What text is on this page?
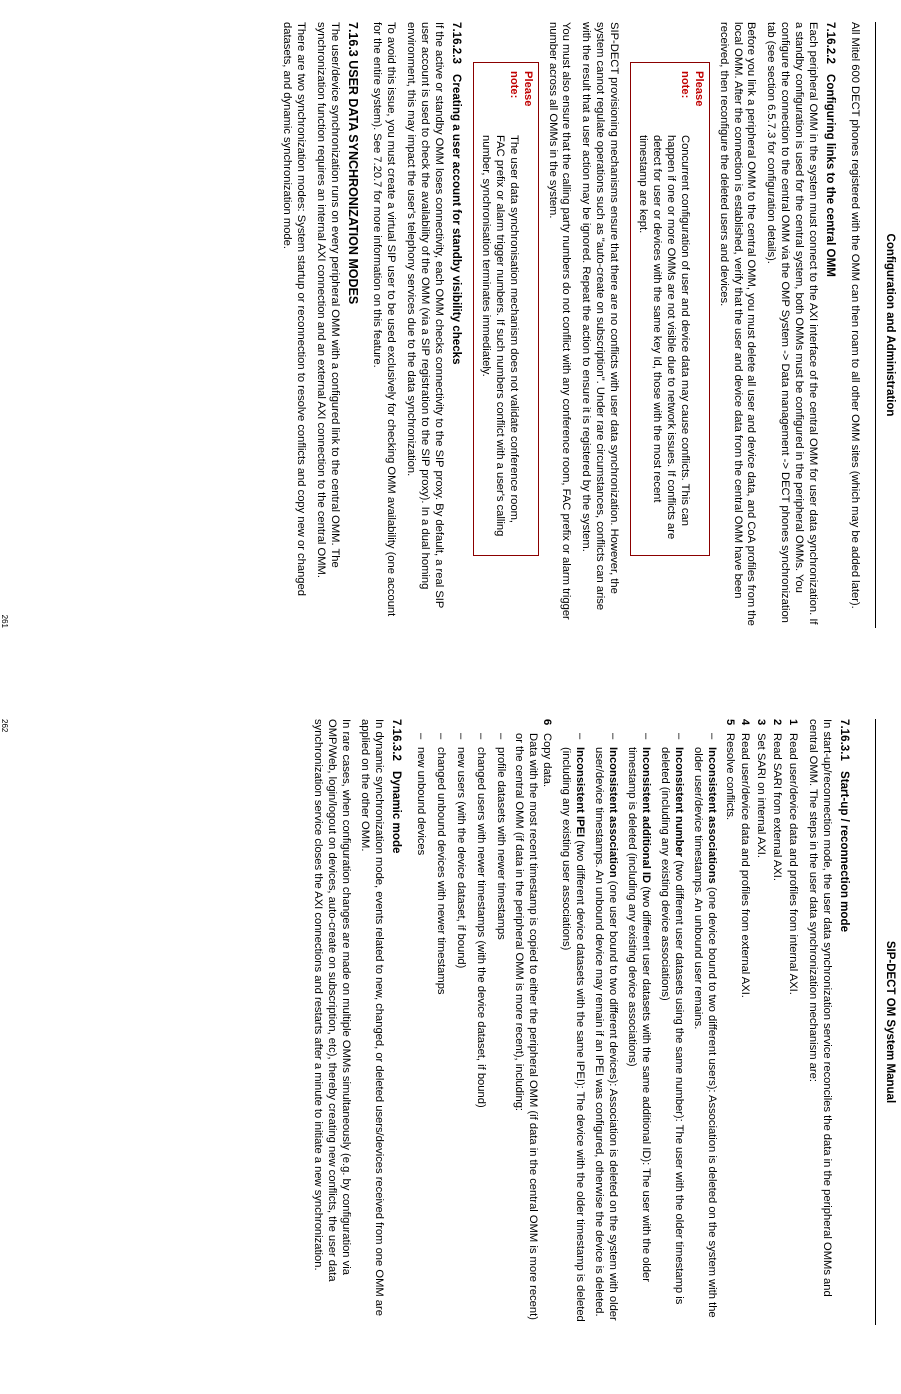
Configuration and Administration

All Mitel 600 DECT phones registered with the OMM can then roam to all other OMM sites (which may be added later).

7.16.2.2Configuring links to the central OMM

Each peripheral OMM in the system must connect to the AXI interface of the central OMM for user data synchronization. If a standby configuration is used for the central system, both OMMs must be configured in the peripheral OMMs. You configure the connection to the central OMM via the OMP System -> Data management -> DECT phones synchronization tab (see section 6.5.7.3 for configuration details).

Before you link a peripheral OMM to the central OMM, you must delete all user and device data, and CoA profiles from the local OMM. After the connection is established, verify that the user and device data from the central OMM have been received, then reconfigure the deleted users and devices.

Please note:Concurrent configuration of user and device data may cause conflicts. This can happen if one or more OMMs are not visible due to network issues. If conflicts are detect for user or devices with the same key Id, those with the most recent timestamp are kept.

SIP-DECT provisioning mechanisms ensure that there are no conflicts with user data synchronization. However, the system cannot regulate operations such as "auto-create on subscription". Under rare circumstances, conflicts can arise with the result that a user action may be ignored. Repeat the action to ensure it is registered by the system.

You must also ensure that the calling party numbers do not conflict with any conference room, FAC prefix or alarm trigger number across all OMMs in the system.

Please note:The user data synchronisation mechanism does not validate conference room, FAC prefix or alarm trigger numbers. If such numbers conflict with a user's calling number, synchronisation terminates immediately.
7.16.2.3Creating a user account for standby visibility checks

If the active or standby OMM loses connectivity, each OMM checks connectivity to the SIP proxy. By default, a real SIP user account is used to check the availability of the OMM (via a SIP registration to the SIP proxy). In a dual homing environment, this may impact the user's telephony services due to the data synchronization.

To avoid this issue, you must create a virtual SIP user to be used exclusively for checking OMM availability (one account for the entire system). See 7.20.7 for more information on this feature.

7.16.3 USER DATA SYNCHRONIZATION MODES

The user/device synchronization runs on every peripheral OMM with a configured link to the central OMM. The synchronization function requires an internal AXI connection and an external AXI connection to the central OMM.

There are two synchronization modes: System startup or reconnection to resolve conflicts and copy new or changed datasets, and dynamic synchronization mode.

261
SIP-DECT OM System Manual
7.16.3.1Start-up / reconnection mode

In start-up/reconnection mode, the user data synchronization service reconciles the data in the peripheral OMMs and central OMM. The steps in the user data synchronization mechanism are:

1
Read user/device data and profiles from internal AXI.
2
Read SARI from external AXI.
3
Set SARI on internal AXI.
4
Read user/device data and profiles from external AXI.
5
Resolve conflicts.
– Inconsistent associations (one device bound to two different users): Association is deleted on the system with the older user/device timestamps. An unbound user remains.
– Inconsistent number (two different user datasets using the same number): The user with the older timestamp is deleted (including any existing device associations)
– Inconsistent additional ID (two different user datasets with the same additional ID): The user with the older timestamp is deleted (including any existing device associations)
– Inconsistent association (one user bound to two different devices): Association is deleted on the system with older user/device timestamps. An unbound device may remain if an IPEI was configured, otherwise the device is deleted.
– Inconsistent IPEI (two different device datasets with the same IPEI): The device with the older timestamp is deleted (including any existing user associations)
6
Copy data.
Data with the most recent timestamp is copied to either the peripheral OMM (if data in the central OMM is more recent) or the central OMM (if data in the peripheral OMM is more recent), including:
– profile datasets with newer timestamps
– changed users with newer timestamps (with the device dataset, if bound)
– new users (with the device dataset, if bound)
– changed unbound devices with newer timestamps
– new unbound devices
7.16.3.2Dynamic mode

In dynamic synchronization mode, events related to new, changed, or deleted users/devices received from one OMM are applied on the other OMM.

In rare cases, when configuration changes are made on multiple OMMs simultaneously (e.g. by configuration via OMP/Web, login/logout on devices, auto-create on subscription, etc), thereby creating new conflicts, the user data synchronization service closes the AXI connections and restarts after a minute to initiate a new synchronization.

262
